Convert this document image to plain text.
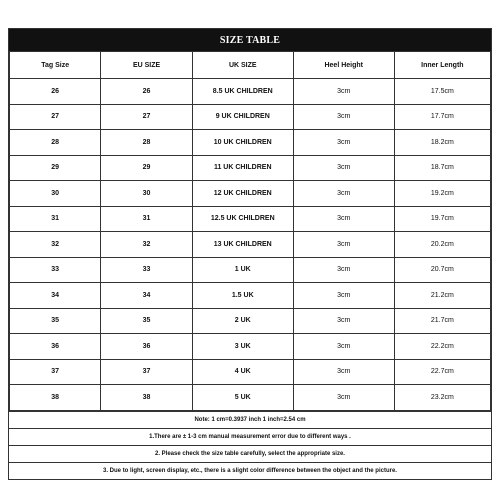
SIZE TABLE
Tag Size	EU SIZE	UK SIZE	Heel Height	Inner Length
26	26	8.5 UK CHILDREN	3cm	17.5cm
27	27	9 UK CHILDREN	3cm	17.7cm
28	28	10 UK CHILDREN	3cm	18.2cm
29	29	11 UK CHILDREN	3cm	18.7cm
30	30	12 UK CHILDREN	3cm	19.2cm
31	31	12.5 UK CHILDREN	3cm	19.7cm
32	32	13 UK CHILDREN	3cm	20.2cm
33	33	1 UK	3cm	20.7cm
34	34	1.5 UK	3cm	21.2cm
35	35	2 UK	3cm	21.7cm
36	36	3 UK	3cm	22.2cm
37	37	4 UK	3cm	22.7cm
38	38	5 UK	3cm	23.2cm
Note: 1 cm=0.3937 inch 1 inch=2.54 cm
1.There are ± 1-3 cm manual measurement error due to different ways .
2. Please check the size table carefully, select the appropriate size.
3. Due to light, screen display, etc., there is a slight color difference between the object and the picture.
